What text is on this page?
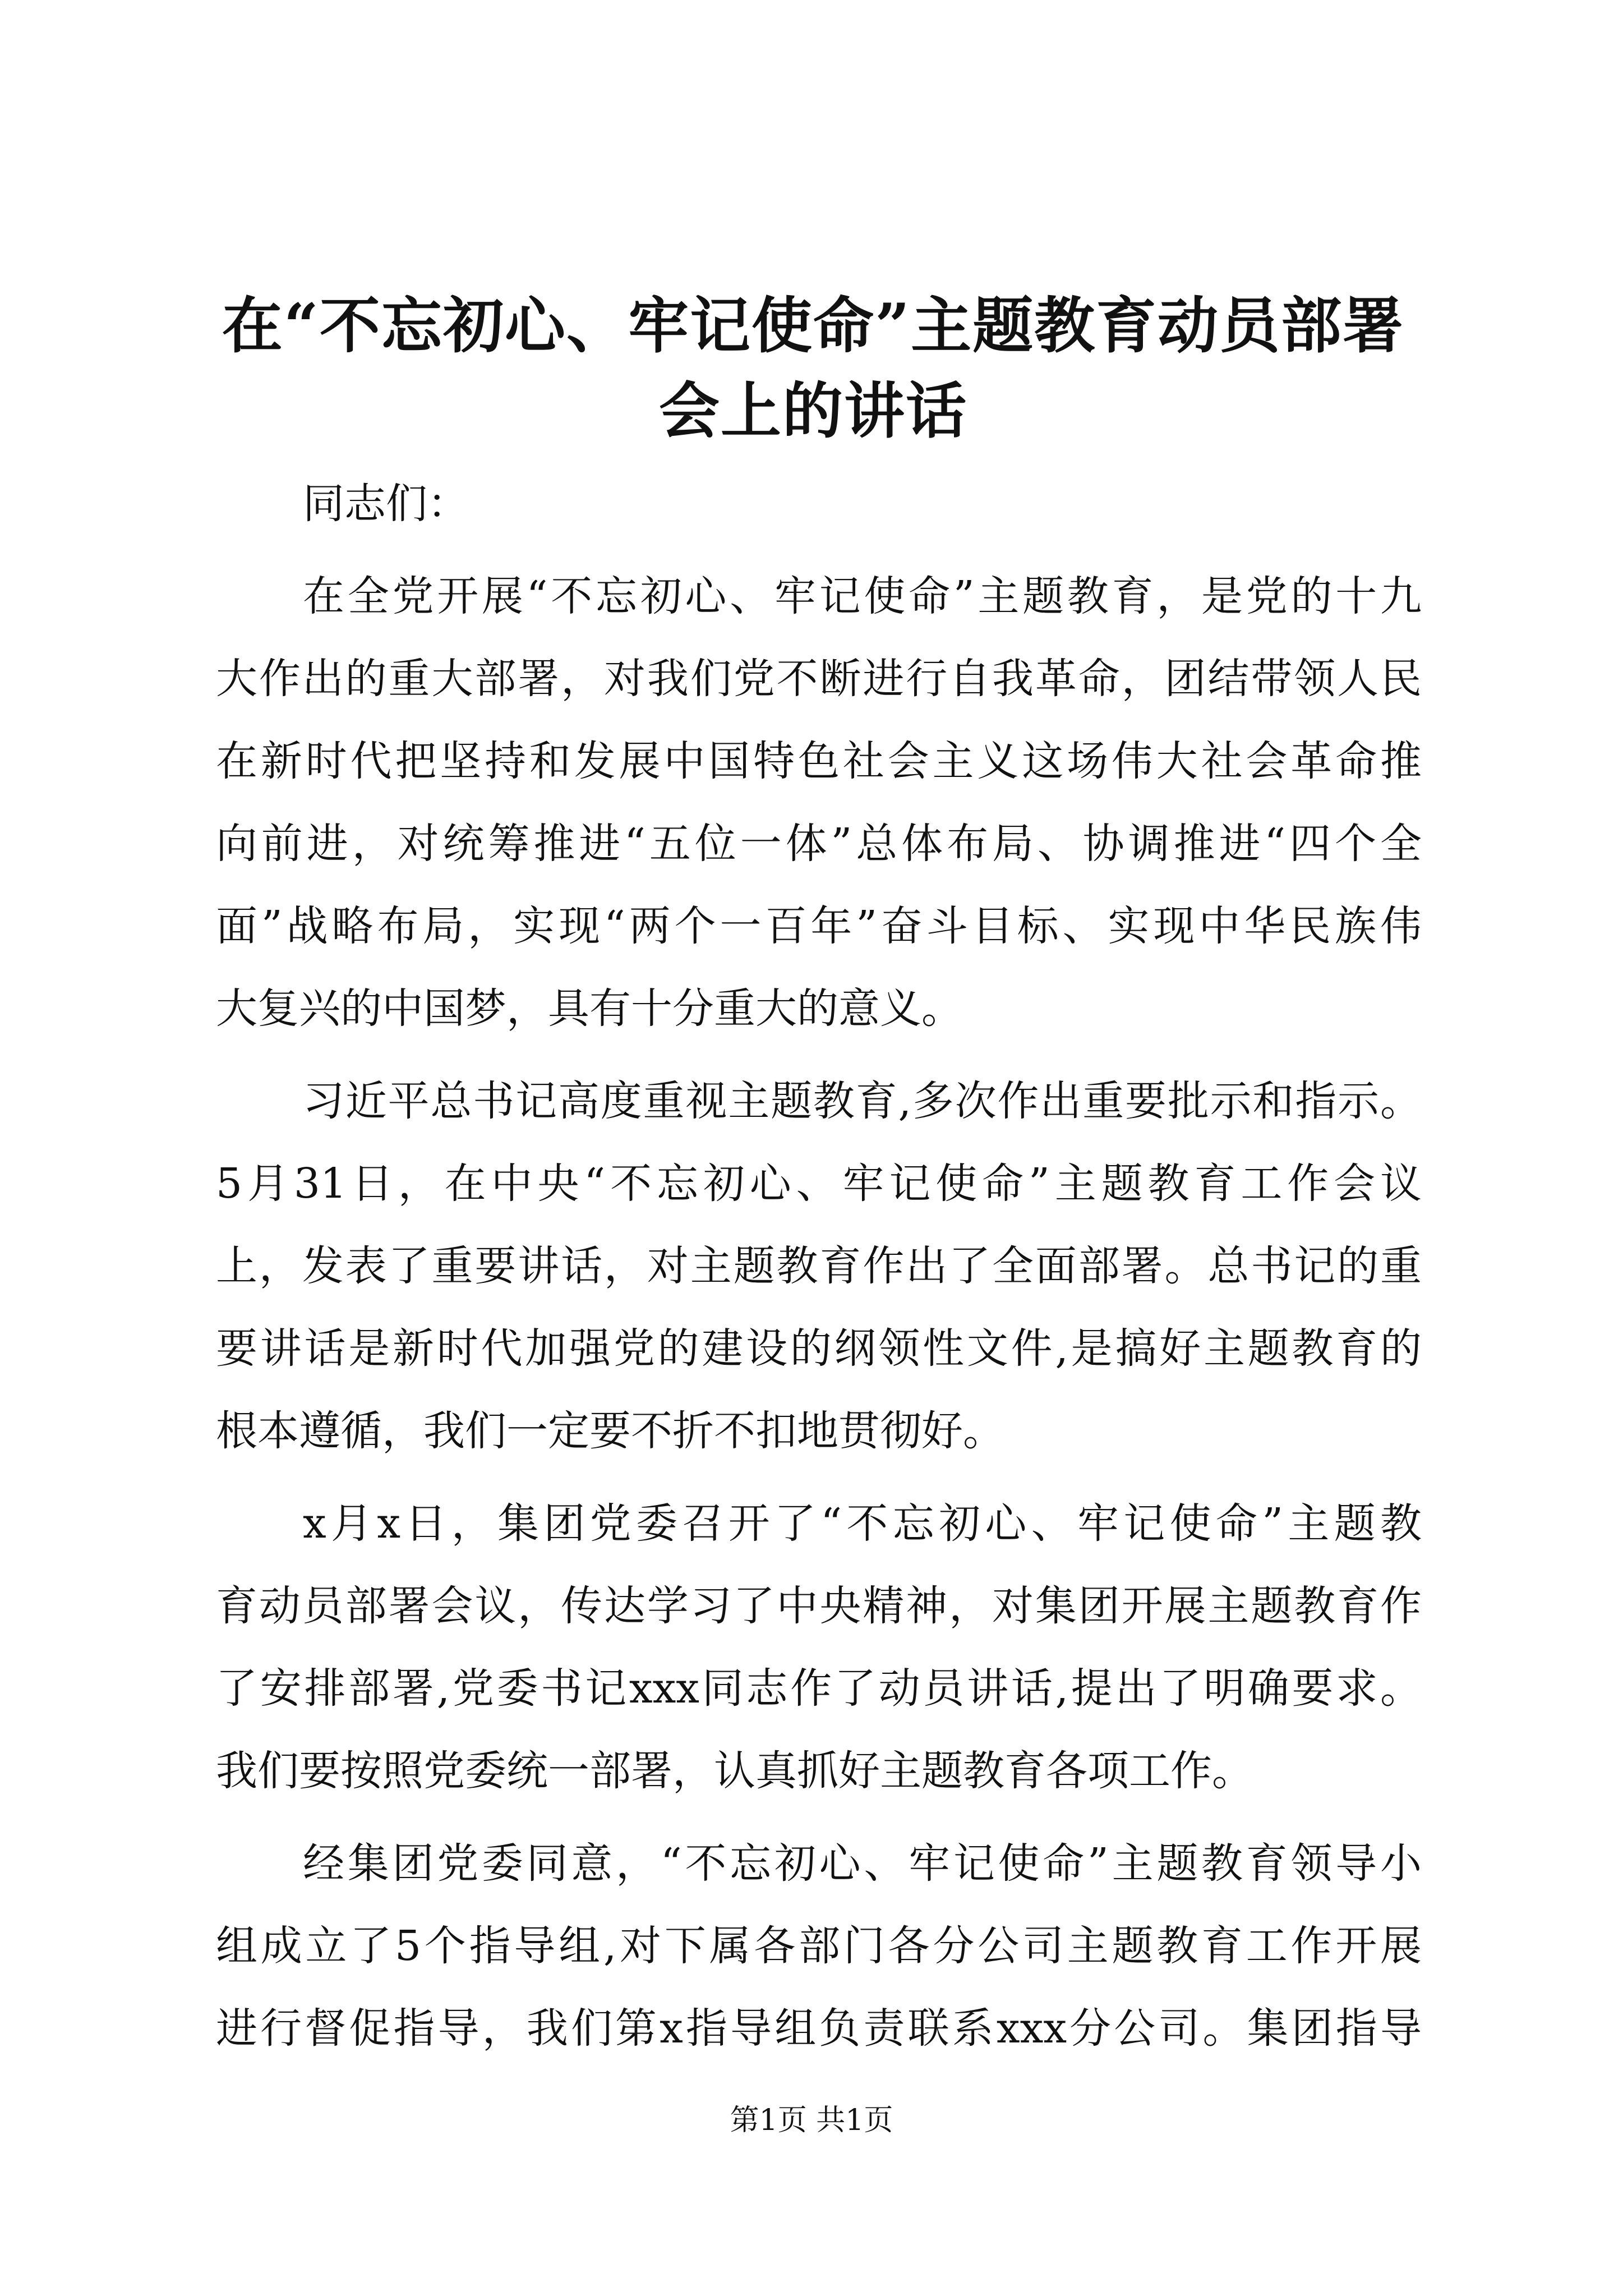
在“不忘初心、牢记使命”主题教育动员部署
会上的讲话
同志们：
在全党开展“不忘初心、牢记使命”主题教育，是党的十九
大作出的重大部署，对我们党不断进行自我革命，团结带领人民
在新时代把坚持和发展中国特色社会主义这场伟大社会革命推
向前进，对统筹推进“五位一体”总体布局、协调推进“四个全
面”战略布局，实现“两个一百年”奋斗目标、实现中华民族伟
大复兴的中国梦，具有十分重大的意义。
习近平总书记高度重视主题教育,多次作出重要批示和指示。
5月31日，在中央“不忘初心、牢记使命”主题教育工作会议
上，发表了重要讲话，对主题教育作出了全面部署。总书记的重
要讲话是新时代加强党的建设的纲领性文件,是搞好主题教育的
根本遵循，我们一定要不折不扣地贯彻好。
x月x日，集团党委召开了“不忘初心、牢记使命”主题教
育动员部署会议，传达学习了中央精神，对集团开展主题教育作
了安排部署,党委书记xxx同志作了动员讲话,提出了明确要求。
我们要按照党委统一部署，认真抓好主题教育各项工作。
经集团党委同意，“不忘初心、牢记使命”主题教育领导小
组成立了5个指导组,对下属各部门各分公司主题教育工作开展
进行督促指导，我们第x指导组负责联系xxx分公司。集团指导
第1页 共1页
